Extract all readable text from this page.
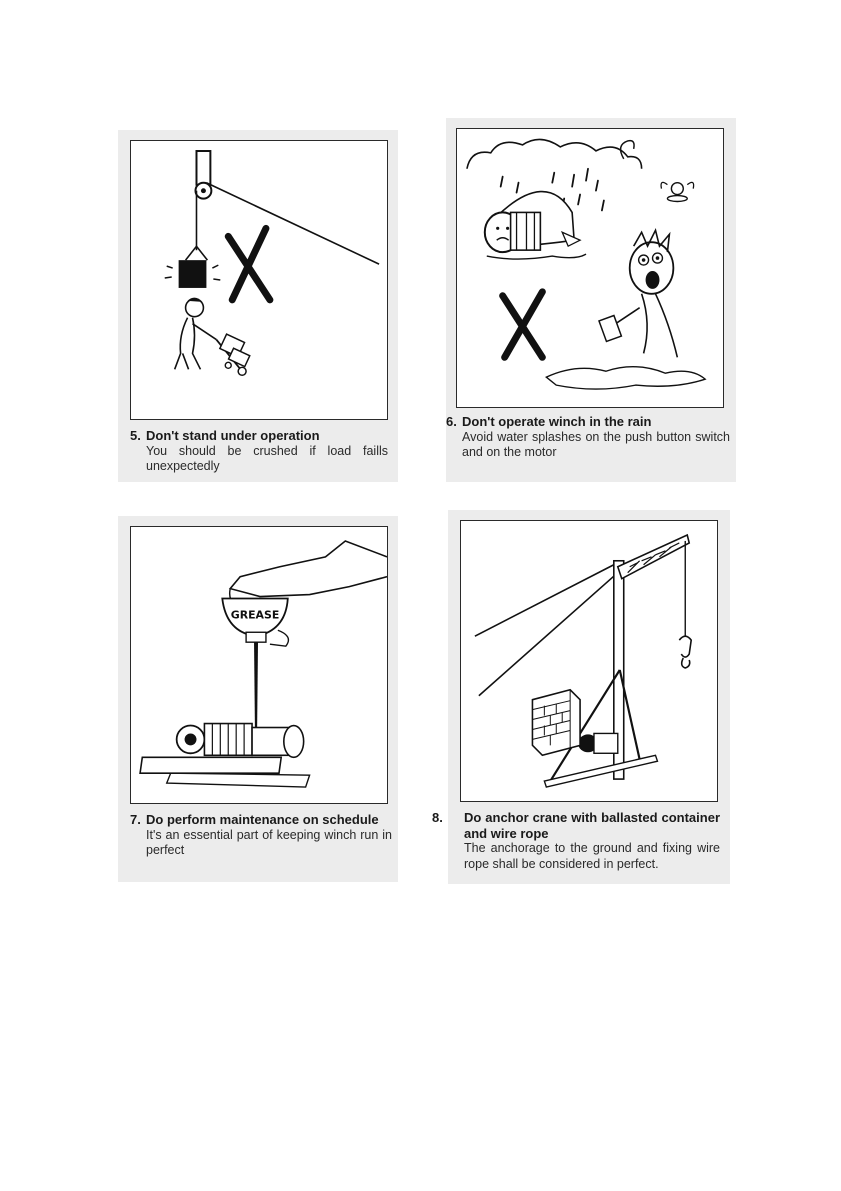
5. Don't stand under operation
You should be crushed if load faills unexpectedly
6. Don't operate winch in the rain
Avoid water splashes on the push button switch and on the motor
GREASE
7. Do perform maintenance on schedule
It's an essential part of keeping winch run in perfect
8. Do anchor crane with ballasted container and wire rope
The anchorage to the ground and fixing wire rope shall be considered in perfect.
